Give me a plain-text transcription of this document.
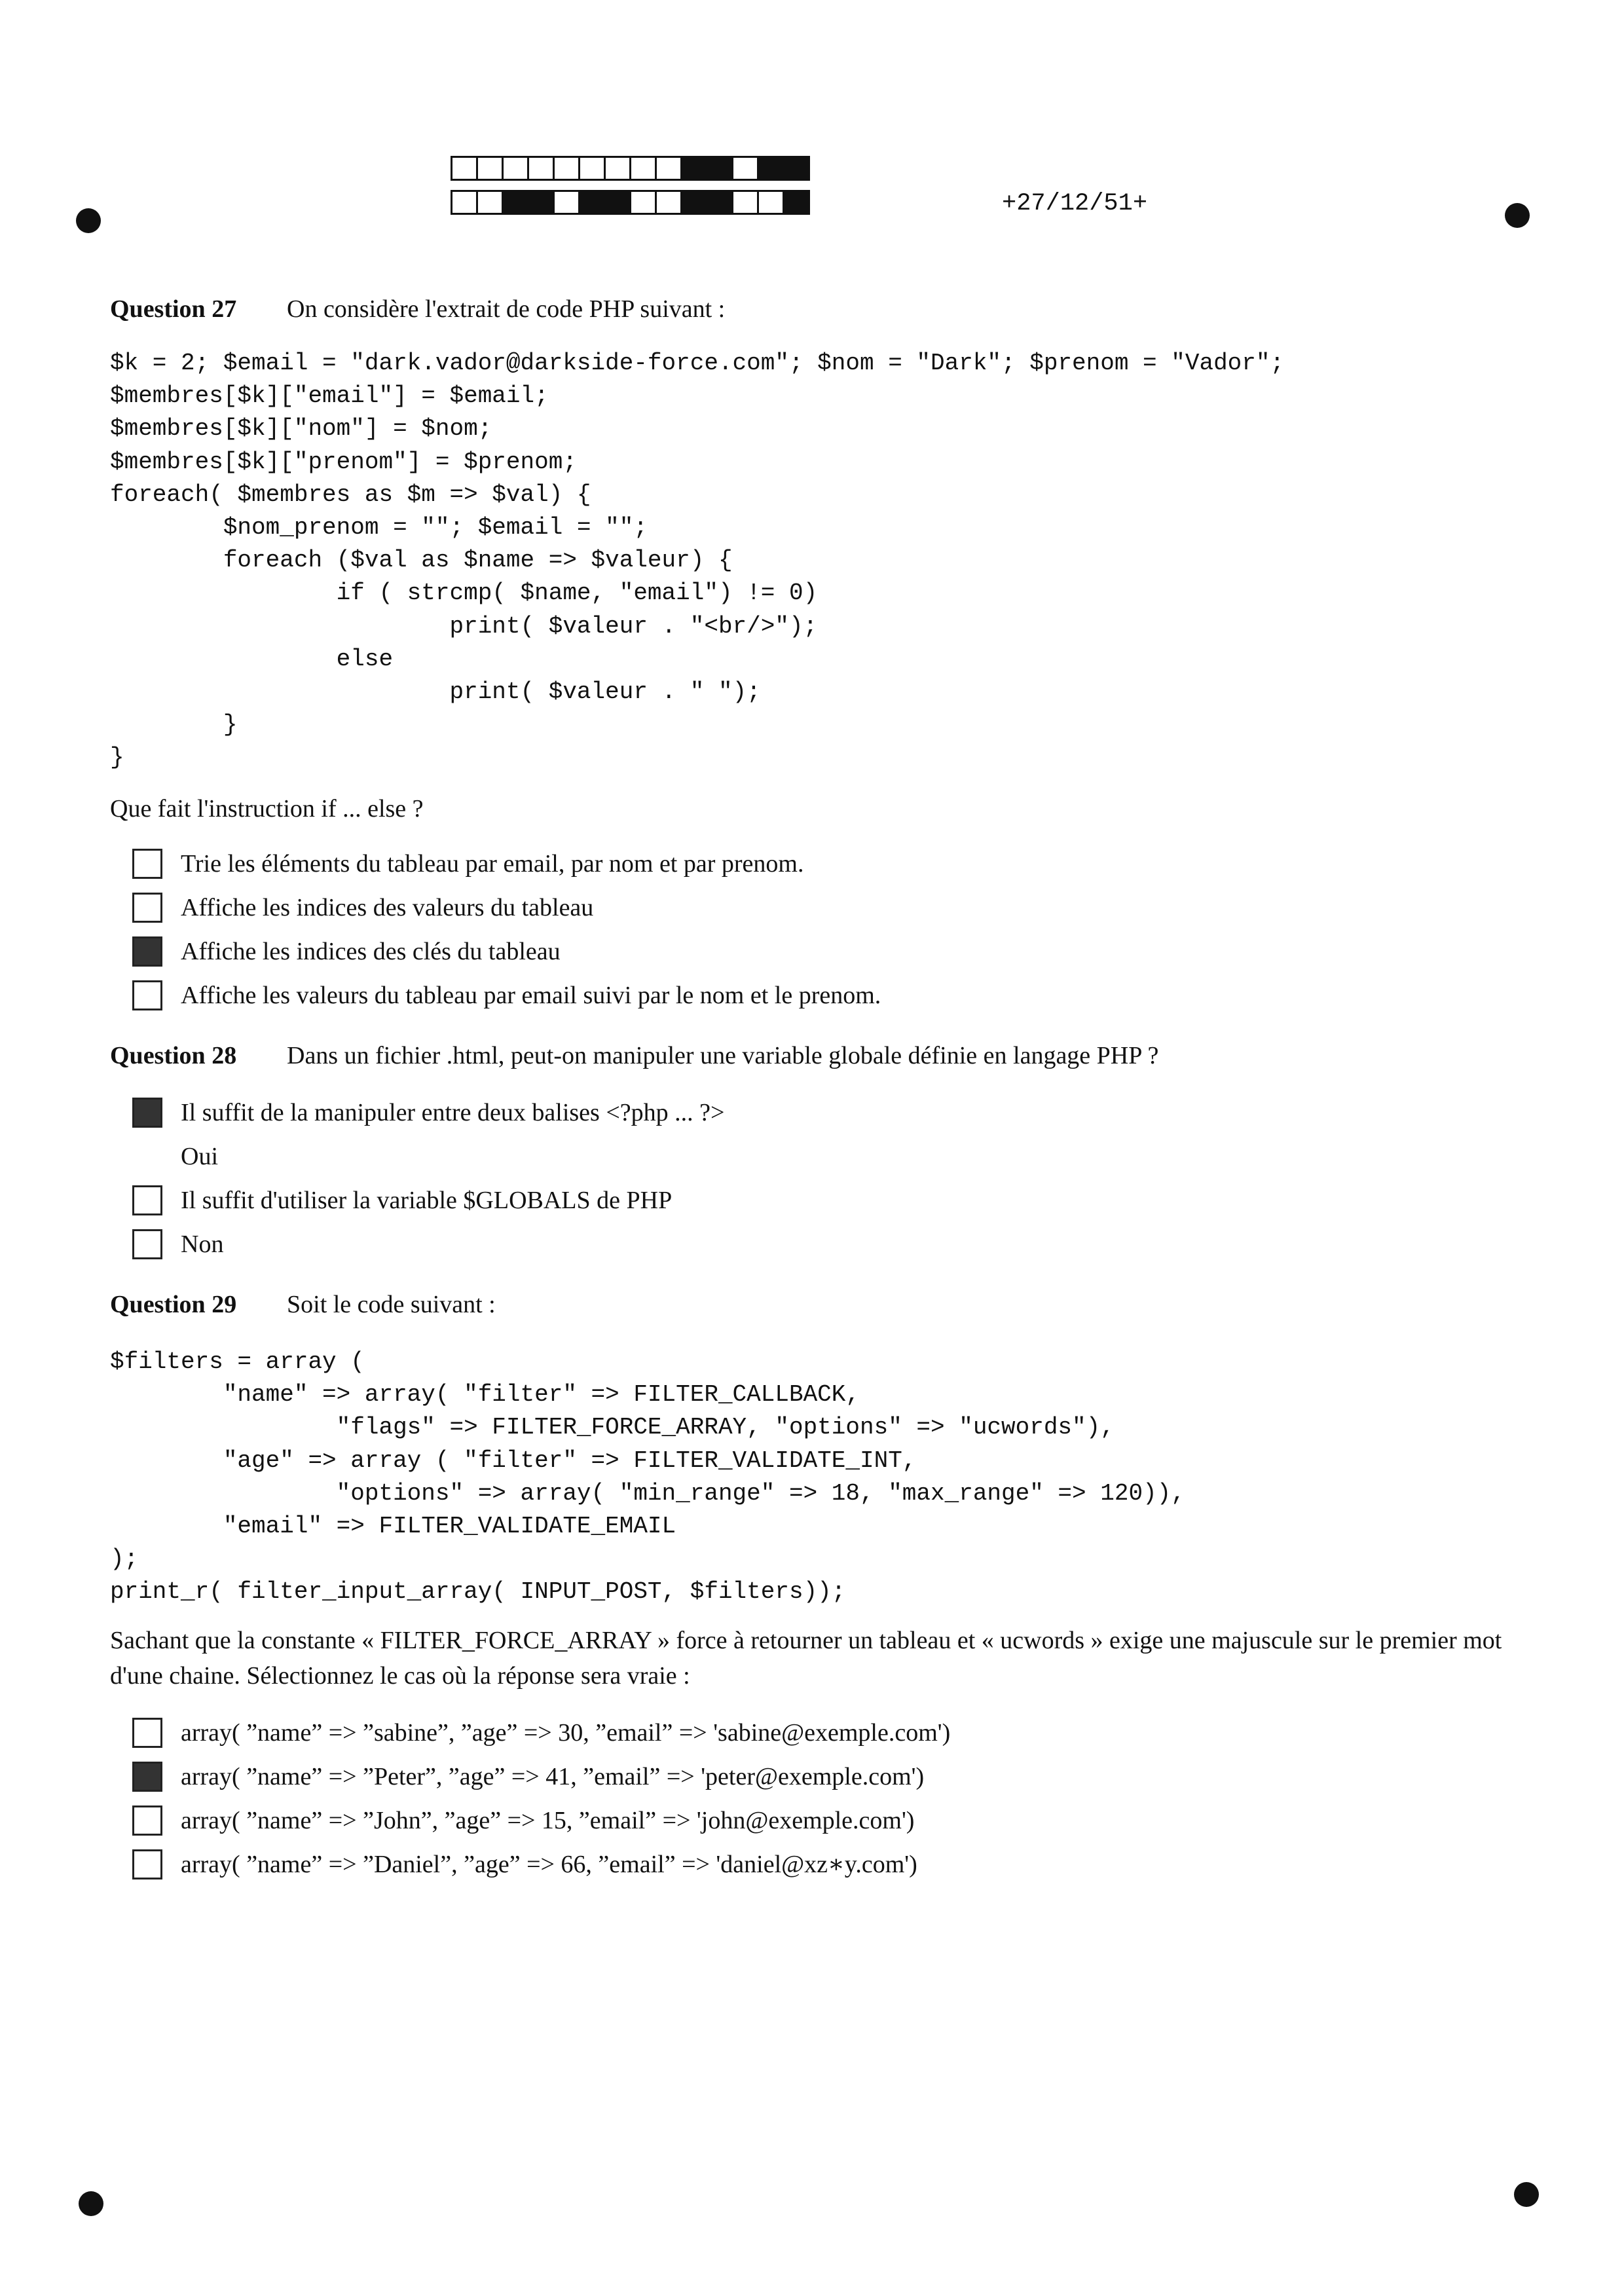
+27/12/51+
Question 27 On considère l'extrait de code PHP suivant :
$k = 2; $email = "dark.vador@darkside-force.com"; $nom = "Dark"; $prenom = "Vador";
$membres[$k]["email"] = $email;
$membres[$k]["nom"] = $nom;
$membres[$k]["prenom"] = $prenom;
foreach( $membres as $m => $val) {
$nom_prenom = ""; $email = "";
foreach ($val as $name => $valeur) {
if ( strcmp( $name, "email") != 0)
print( $valeur . "<br/>");
else
print( $valeur . " ");
}
}
Que fait l'instruction if ... else ?
Trie les éléments du tableau par email, par nom et par prenom.
Affiche les indices des valeurs du tableau
Affiche les indices des clés du tableau
Affiche les valeurs du tableau par email suivi par le nom et le prenom.
Question 28 Dans un fichier .html, peut-on manipuler une variable globale définie en langage PHP ?
Il suffit de la manipuler entre deux balises <?php ... ?>
Oui
Il suffit d'utiliser la variable $GLOBALS de PHP
Non
Question 29 Soit le code suivant :
$filters = array (
"name" => array( "filter" => FILTER_CALLBACK,
"flags" => FILTER_FORCE_ARRAY, "options" => "ucwords"),
"age" => array ( "filter" => FILTER_VALIDATE_INT,
"options" => array( "min_range" => 18, "max_range" => 120)),
"email" => FILTER_VALIDATE_EMAIL
);
print_r( filter_input_array( INPUT_POST, $filters));
Sachant que la constante « FILTER_FORCE_ARRAY » force à retourner un tableau et « ucwords » exige une majuscule sur le premier mot d'une chaine. Sélectionnez le cas où la réponse sera vraie :
array( ”name” => ”sabine”, ”age” => 30, ”email” => 'sabine@exemple.com')
array( ”name” => ”Peter”, ”age” => 41, ”email” => 'peter@exemple.com')
array( ”name” => ”John”, ”age” => 15, ”email” => 'john@exemple.com')
array( ”name” => ”Daniel”, ”age” => 66, ”email” => 'daniel@xz∗y.com')
